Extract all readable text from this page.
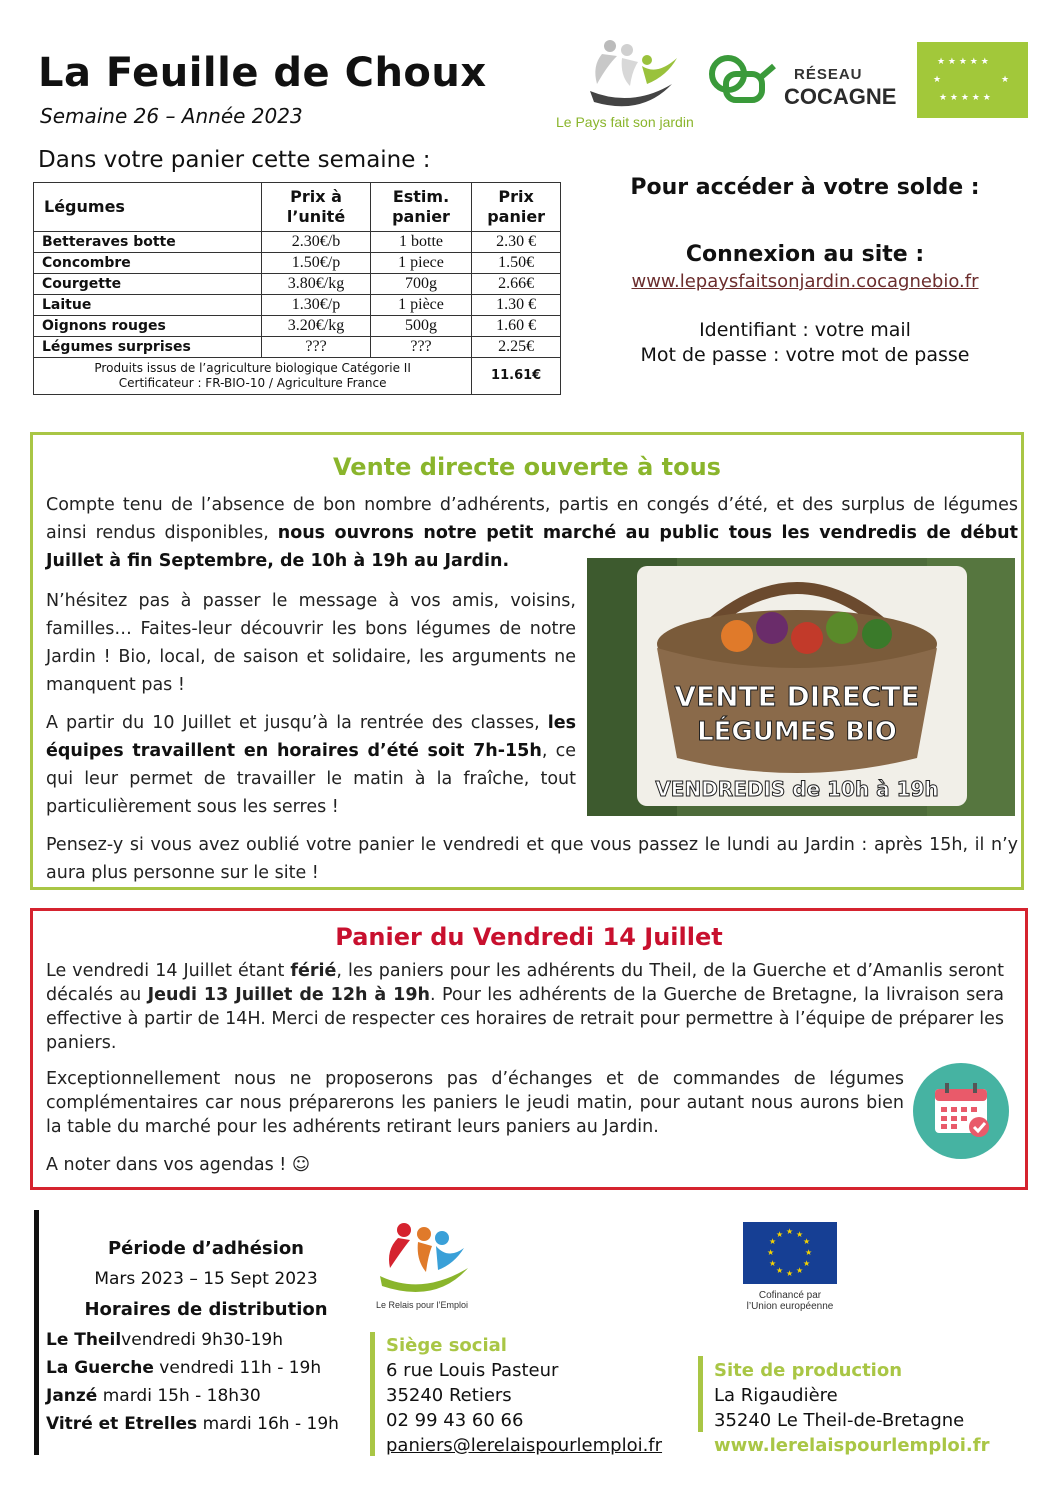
La Feuille de Choux
Semaine 26 – Année 2023
Dans votre panier cette semaine :
Le Pays fait son jardin
RÉSEAU
COCAGNE
★ ★ ★ ★ ★
★	★
★ ★ ★ ★ ★
Légumes	Prix à l’unité	Estim. panier	Prix panier
Betteraves botte	2.30€/b	1 botte	2.30 €
Concombre	1.50€/p	1 piece	1.50€
Courgette	3.80€/kg	700g	2.66€
Laitue	1.30€/p	1 pièce	1.30 €
Oignons rouges	3.20€/kg	500g	1.60 €
Légumes surprises	???	???	2.25€

Produits issus de l’agriculture biologique Catégorie II
Certificateur : FR-BIO-10 / Agriculture France			11.61€
Pour accéder à votre solde :
Connexion au site :
www.lepaysfaitsonjardin.cocagnebio.fr
Identifiant : votre mail
Mot de passe : votre mot de passe
Vente directe ouverte à tous
Compte tenu de l’absence de bon nombre d’adhérents, partis en congés d’été, et des surplus de légumes ainsi rendus disponibles, nous ouvrons notre petit marché au public tous les vendredis de début Juillet à fin Septembre, de 10h à 19h au Jardin.
N’hésitez pas à passer le message à vos amis, voisins, familles… Faites-leur découvrir les bons légumes de notre Jardin ! Bio, local, de saison et solidaire, les arguments ne manquent pas !
A partir du 10 Juillet et jusqu’à la rentrée des classes, les équipes travaillent en horaires d’été soit 7h-15h, ce qui leur permet de travailler le matin à la fraîche, tout particulièrement sous les serres !
Pensez-y si vous avez oublié votre panier le vendredi et que vous passez le lundi au Jardin : après 15h, il n’y aura plus personne sur le site !
VENTE DIRECTE
LÉGUMES BIO
VENDREDIS de 10h à 19h
Panier du Vendredi 14 Juillet
Le vendredi 14 Juillet étant férié, les paniers pour les adhérents du Theil, de la Guerche et d’Amanlis seront décalés au Jeudi 13 Juillet de 12h à 19h. Pour les adhérents de la Guerche de Bretagne, la livraison sera effective à partir de 14H. Merci de respecter ces horaires de retrait pour permettre à l’équipe de préparer les paniers.
Exceptionnellement nous ne proposerons pas d’échanges et de commandes de légumes complémentaires car nous préparerons les paniers le jeudi matin, pour autant nous aurons bien la table du marché pour les adhérents retirant leurs paniers au Jardin.
A noter dans vos agendas ! ☺
Période d’adhésion
Mars 2023 – 15 Sept 2023
Horaires de distribution
Le Theilvendredi 9h30-19h
La Guerche vendredi 11h - 19h
Janzé mardi 15h - 18h30
Vitré et Etrelles mardi 16h - 19h
Le Relais pour l’Emploi
★ ★
★
★
★
★
★
★
★
★
★
★
Cofinancé par
l’Union européenne
Siège social
6 rue Louis Pasteur
35240 Retiers
02 99 43 60 66
paniers@lerelaispourlemploi.fr
Site de production
La Rigaudière
35240 Le Theil-de-Bretagne
www.lerelaispourlemploi.fr
